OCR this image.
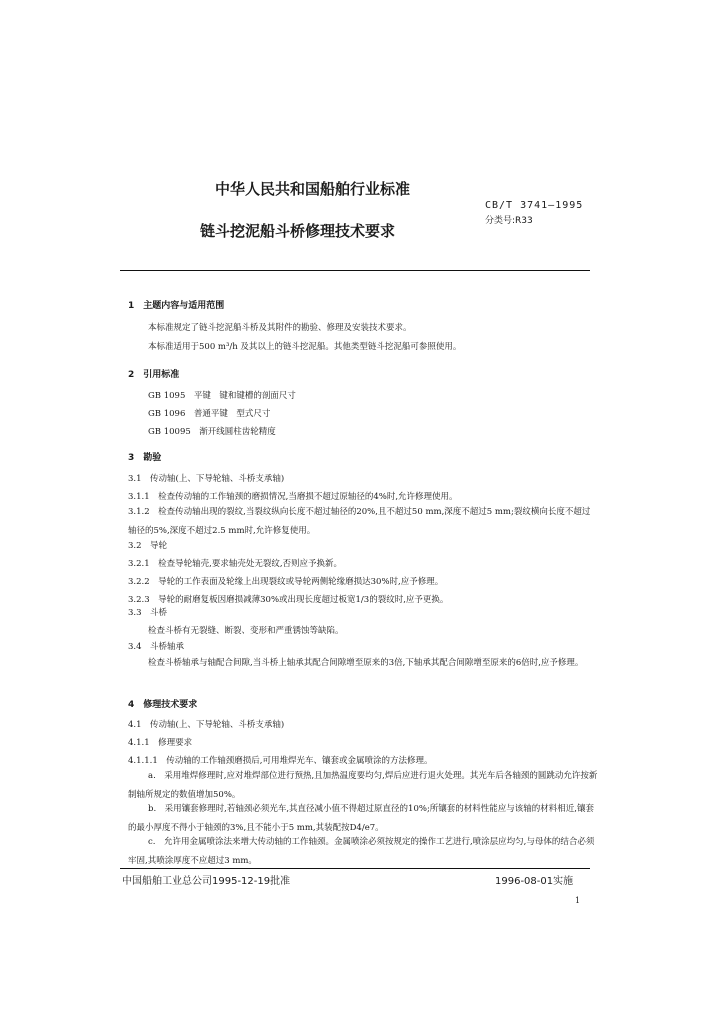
中华人民共和国船舶行业标准
CB/T 3741—1995
分类号:R33
链斗挖泥船斗桥修理技术要求
1　主题内容与适用范围
本标准规定了链斗挖泥船斗桥及其附件的勘验、修理及安装技术要求。
本标准适用于500 m³/h 及其以上的链斗挖泥船。其他类型链斗挖泥船可参照使用。
2　引用标准
GB 1095　平键　键和键槽的剖面尺寸
GB 1096　普通平键　型式尺寸
GB 10095　渐开线圆柱齿轮精度
3　勘验
3.1　传动轴(上、下导轮轴、斗桥支承轴)
3.1.1　检查传动轴的工作轴颈的磨损情况,当磨损不超过原轴径的4%时,允许修理使用。
3.1.2　检查传动轴出现的裂纹,当裂纹纵向长度不超过轴径的20%,且不超过50 mm,深度不超过5 mm;裂纹横向长度不超过轴径的5%,深度不超过2.5 mm时,允许修复使用。
3.2　导轮
3.2.1　检查导轮轴壳,要求轴壳处无裂纹,否则应予换新。
3.2.2　导轮的工作表面及轮缘上出现裂纹或导轮两侧轮缘磨损达30%时,应予修理。
3.2.3　导轮的耐磨复板因磨损减薄30%或出现长度超过板宽1/3的裂纹时,应予更换。
3.3　斗桥
检查斗桥有无裂缝、断裂、变形和严重锈蚀等缺陷。
3.4　斗桥轴承
检查斗桥轴承与轴配合间隙,当斗桥上轴承其配合间隙增至原来的3倍,下轴承其配合间隙增至原来的6倍时,应予修理。
4　修理技术要求
4.1　传动轴(上、下导轮轴、斗桥支承轴)
4.1.1　修理要求
4.1.1.1　传动轴的工作轴颈磨损后,可用堆焊光车、镶套或金属喷涂的方法修理。
a.　采用堆焊修理时,应对堆焊部位进行预热,且加热温度要均匀,焊后应进行退火处理。其光车后各轴颈的圆跳动允许按新制轴所规定的数值增加50%。
b.　采用镶套修理时,若轴颈必须光车,其直径减小值不得超过原直径的10%;所镶套的材料性能应与该轴的材料相近,镶套的最小厚度不得小于轴颈的3%,且不能小于5 mm,其装配按D4/e7。
c.　允许用金属喷涂法来增大传动轴的工作轴颈。金属喷涂必须按规定的操作工艺进行,喷涂层应均匀,与母体的结合必须牢固,其喷涂厚度不应超过3 mm。
中国船舶工业总公司1995-12-19批准	1996-08-01实施
1
